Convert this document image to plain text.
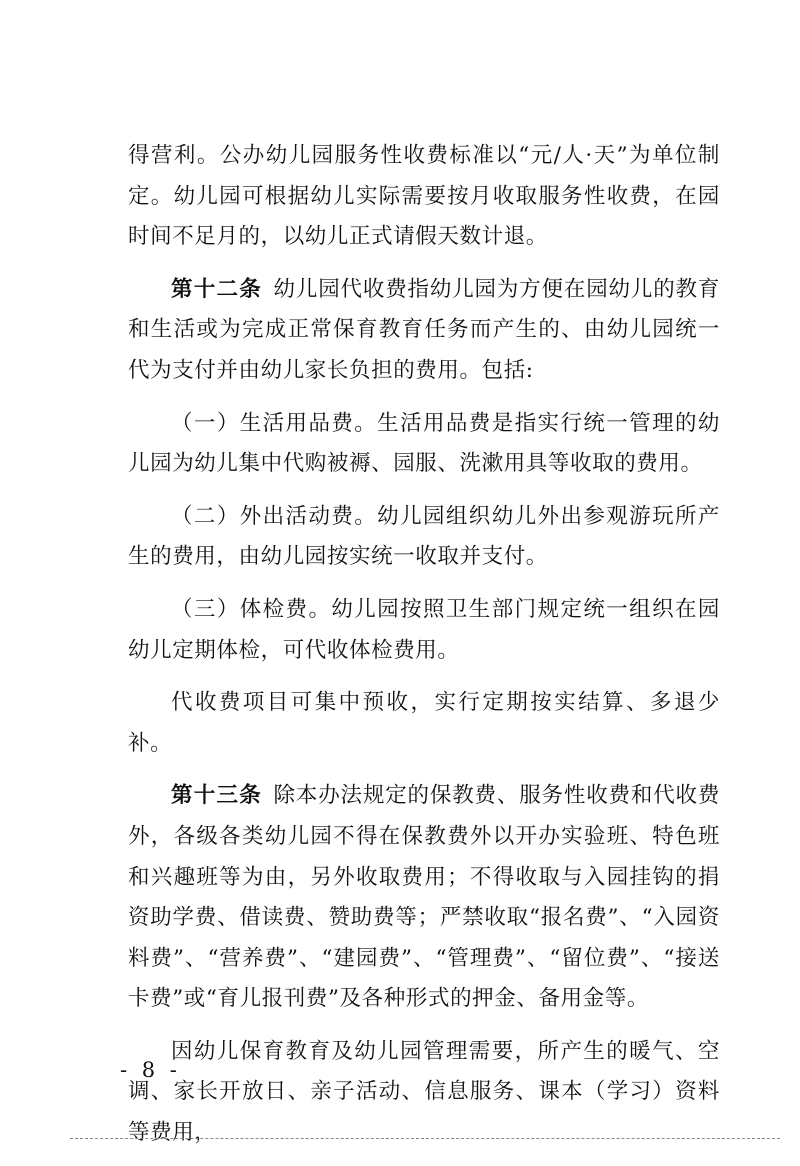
得营利。公办幼儿园服务性收费标准以“元/人·天”为单位制定。幼儿园可根据幼儿实际需要按月收取服务性收费，在园时间不足月的，以幼儿正式请假天数计退。

第十二条  幼儿园代收费指幼儿园为方便在园幼儿的教育和生活或为完成正常保育教育任务而产生的、由幼儿园统一代为支付并由幼儿家长负担的费用。包括:

（一）生活用品费。生活用品费是指实行统一管理的幼儿园为幼儿集中代购被褥、园服、洗漱用具等收取的费用。

（二）外出活动费。幼儿园组织幼儿外出参观游玩所产生的费用，由幼儿园按实统一收取并支付。

（三）体检费。幼儿园按照卫生部门规定统一组织在园幼儿定期体检，可代收体检费用。

代收费项目可集中预收，实行定期按实结算、多退少补。

第十三条  除本办法规定的保教费、服务性收费和代收费外，各级各类幼儿园不得在保教费外以开办实验班、特色班和兴趣班等为由，另外收取费用；不得收取与入园挂钩的捐资助学费、借读费、赞助费等；严禁收取“报名费”、“入园资料费”、“营养费”、“建园费”、“管理费”、“留位费”、“接送卡费”或“育儿报刊费”及各种形式的押金、备用金等。

因幼儿保育教育及幼儿园管理需要，所产生的暖气、空调、家长开放日、亲子活动、信息服务、课本（学习）资料等费用，

- 8 -
